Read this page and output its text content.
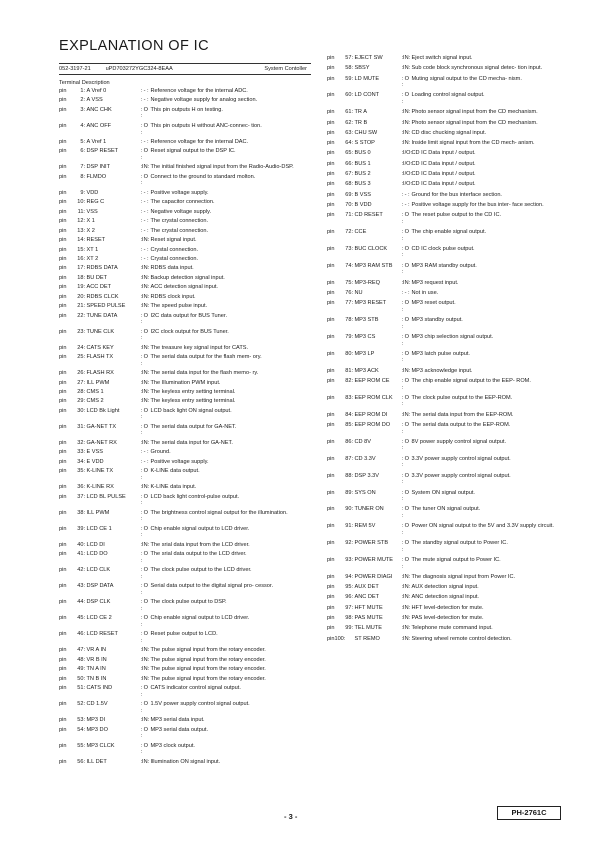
EXPLANATION OF IC
052-3197-21	uPD703272YGC324-8EAA	System Contoller
Terminal Description
pin	1: A Vref 0	: - : Reference voltage for the internal ADC.
pin	2: A VSS	: - : Negative voltage supply for analog section.
pin	3: ANC CHK	: O :
This pin outputs H on testing.
pin	4: ANC OFF	: O :
This pin outputs H without ANC-connec- tion.
pin	5: A Vref 1	: - : Reference voltage for the internal DAC.
pin	6: DSP RESET	: O :
Reset signal output to the DSP IC.
pin	7: DSP INIT	:IN: The initial finished signal input from the Radio-Audio-DSP.
pin	8: FLMDO	: O :
Connect to the ground to standard molton.
pin	9: VDD	: - : Positive voltage supply.
pin	10: REG C	: - : The capacitor connection.
pin	11: VSS	: - : Negative voltage supply.
pin	12: X 1	: - : The crystal connection.
pin	13: X 2	: - : The crystal connection.
pin	14: RESET	:IN: Reset signal input.
pin	15: XT 1	: - : Crystal connection.
pin	16: XT 2	: - : Crystal connection.
pin	17: RDBS DATA	:IN: RDBS data input.
pin	18: BU DET	:IN: Backup detection signal input.
pin	19: ACC DET	:IN: ACC detection signal input.
pin	20: RDBS CLCK	:IN: RDBS clock input.
pin	21: SPEED PULSE	:IN: The speed pulse input.
pin	22: TUNE DATA	: O :
I2C data output for BUS Tuner.
pin	23: TUNE CLK	: O :
I2C clock output for BUS Tuner.
pin	24: CATS KEY	:IN: The treasure key signal input for CATS.
pin	25: FLASH TX	: O :
The serial data output for the flash mem- ory.
pin	26: FLASH RX	:IN: The serial data input for the flash memo- ry.
pin	27: ILL PWM	:IN: The Illumination PWM input.
pin	28: CMS 1	:IN: The keyless entry setting terminal.
pin	29: CMS 2	:IN: The keyless entry setting terminal.
pin	30: LCD Bk Light	: O :
LCD back light ON signal output.
pin	31: GA-NET TX	: O :
The serial data output for GA-NET.
pin	32: GA-NET RX	:IN: The serial data input for GA-NET.
pin	33: E VSS	: - : Ground.
pin	34: E VDD	: - : Positive voltage supply.
pin	35: K-LINE TX	: O :
K-LINE data output.
pin	36: K-LINE RX	:IN: K-LINE data input.
pin	37: LCD BL PULSE	: O :
LCD back light control-pulse output.
pin	38: ILL PWM	: O :
The brightness control signal output for the illumination.
pin	39: LCD CE 1	: O :
Chip enable signal output to LCD driver.
pin	40: LCD DI	:IN: The srial data input from the LCD driver.
pin	41: LCD DO	: O :
The srial data output to the LCD driver.
pin	42: LCD CLK	: O :
The clock pulse output to the LCD driver.
pin	43: DSP DATA	: O :
Serial data output to the digital signal pro- cessor.
pin	44: DSP CLK	: O :
The clock pulse output to DSP.
pin	45: LCD CE 2	: O :
Chip enable signal output to LCD driver.
pin	46: LCD RESET	: O :
Reset pulse output to LCD.
pin	47: VR A IN	:IN: The pulse signal input from the rotary encoder.
pin	48: VR B IN	:IN: The pulse signal input from the rotary encoder.
pin	49: TN A IN	:IN: The pulse signal input from the rotary encoder.
pin	50: TN B IN	:IN: The pulse signal input from the rotary encoder.
pin	51: CATS IND	: O :
CATS indicator control signal output.
pin	52: CD 1.5V	: O :
1.5V power supply control signal output.
pin	53: MP3 DI	:IN: MP3 serial data input.
pin	54: MP3 DO	: O :
MP3 serial data output.
pin	55: MP3 CLCK	: O :
MP3 clock output.
pin	56: ILL DET	:IN: Illumination ON signal input.
pin	57: EJECT SW	:IN: Eject switch signal input.
pin	58: SBSY	:IN: Sub code block synchronous signal detec- tion input.
pin	59: LD MUTE	: O :
Muting signal output to the CD mecha- nism.
pin	60: LD CONT	: O :
Loading control signal output.
pin	61: TR A	:IN: Photo sensor signal input from the CD mechanism.
pin	62: TR B	:IN: Photo sensor signal input from the CD mechanism.
pin	63: CHU SW	:IN: CD disc chucking signal input.
pin	64: S STOP	:IN: Inside limit signal input from the CD mech- anism.
pin	65: BUS 0	:I/O: CD IC Data input / output.
pin	66: BUS 1	:I/O: CD IC Data input / output.
pin	67: BUS 2	:I/O: CD IC Data input / output.
pin	68: BUS 3	:I/O: CD IC Data input / output.
pin	69: B VSS	: - : Ground for the bus interface section.
pin	70: B VDD	: - : Positive voltage supply for the bus inter- face section.
pin	71: CD RESET	: O :
The reset pulse output to the CD IC.
pin	72: CCE	: O :
The chip enable signal output.
pin	73: BUC CLOCK	: O :
CD IC clock pulse output.
pin	74: MP3 RAM STB	: O :
MP3 RAM standby output.
pin	75: MP3-REQ	:IN: MP3 request input.
pin	76: NU	: - : Not in use.
pin	77: MP3 RESET	: O :
MP3 reset output.
pin	78: MP3 STB	: O :
MP3 standby output.
pin	79: MP3 CS	: O :
MP3 chip selection signal output.
pin	80: MP3 LP	: O :
MP3 latch pulse output.
pin	81: MP3 ACK	:IN: MP3 acknowledge input.
pin	82: EEP ROM CE	: O :
The chip enable signal output to the EEP- ROM.
pin	83: EEP ROM CLK	: O :
The clock pulse output to the EEP-ROM.
pin	84: EEP ROM DI	:IN: The serial data input from the EEP-ROM.
pin	85: EEP ROM DO	: O :
The serial data output to the EEP-ROM.
pin	86: CD 8V	: O :
8V power supply control signal output.
pin	87: CD 3.3V	: O :
3.3V power supply control signal output.
pin	88: DSP 3.3V	: O :
3.3V power supply control signal output.
pin	89: SYS ON	: O :
System ON signal output.
pin	90: TUNER ON	: O :
The tuner ON signal output.
pin	91: REM 5V	: O :
Power ON signal output to the 5V and 3.3V supply circuit.
pin	92: POWER STB	: O :
The standby signal output to Power IC.
pin	93: POWER MUTE	: O :
The mute signal output to Power IC.
pin	94: POWER DIAGI	:IN: The diagnosis signal input from Power IC.
pin	95: AUX DET	:IN: AUX detection signal input.
pin	96: ANC DET	:IN: ANC detection signal input.
pin	97: HFT MUTE	:IN: HFT level-detection for mute.
pin	98: PAS MUTE	:IN: PAS level-detection for mute.
pin	99: TEL MUTE	:IN: Telephone mute command input.
pin100: ST REMO	:IN: Steering wheel remote control detection.
- 3 -	PH-2761C
